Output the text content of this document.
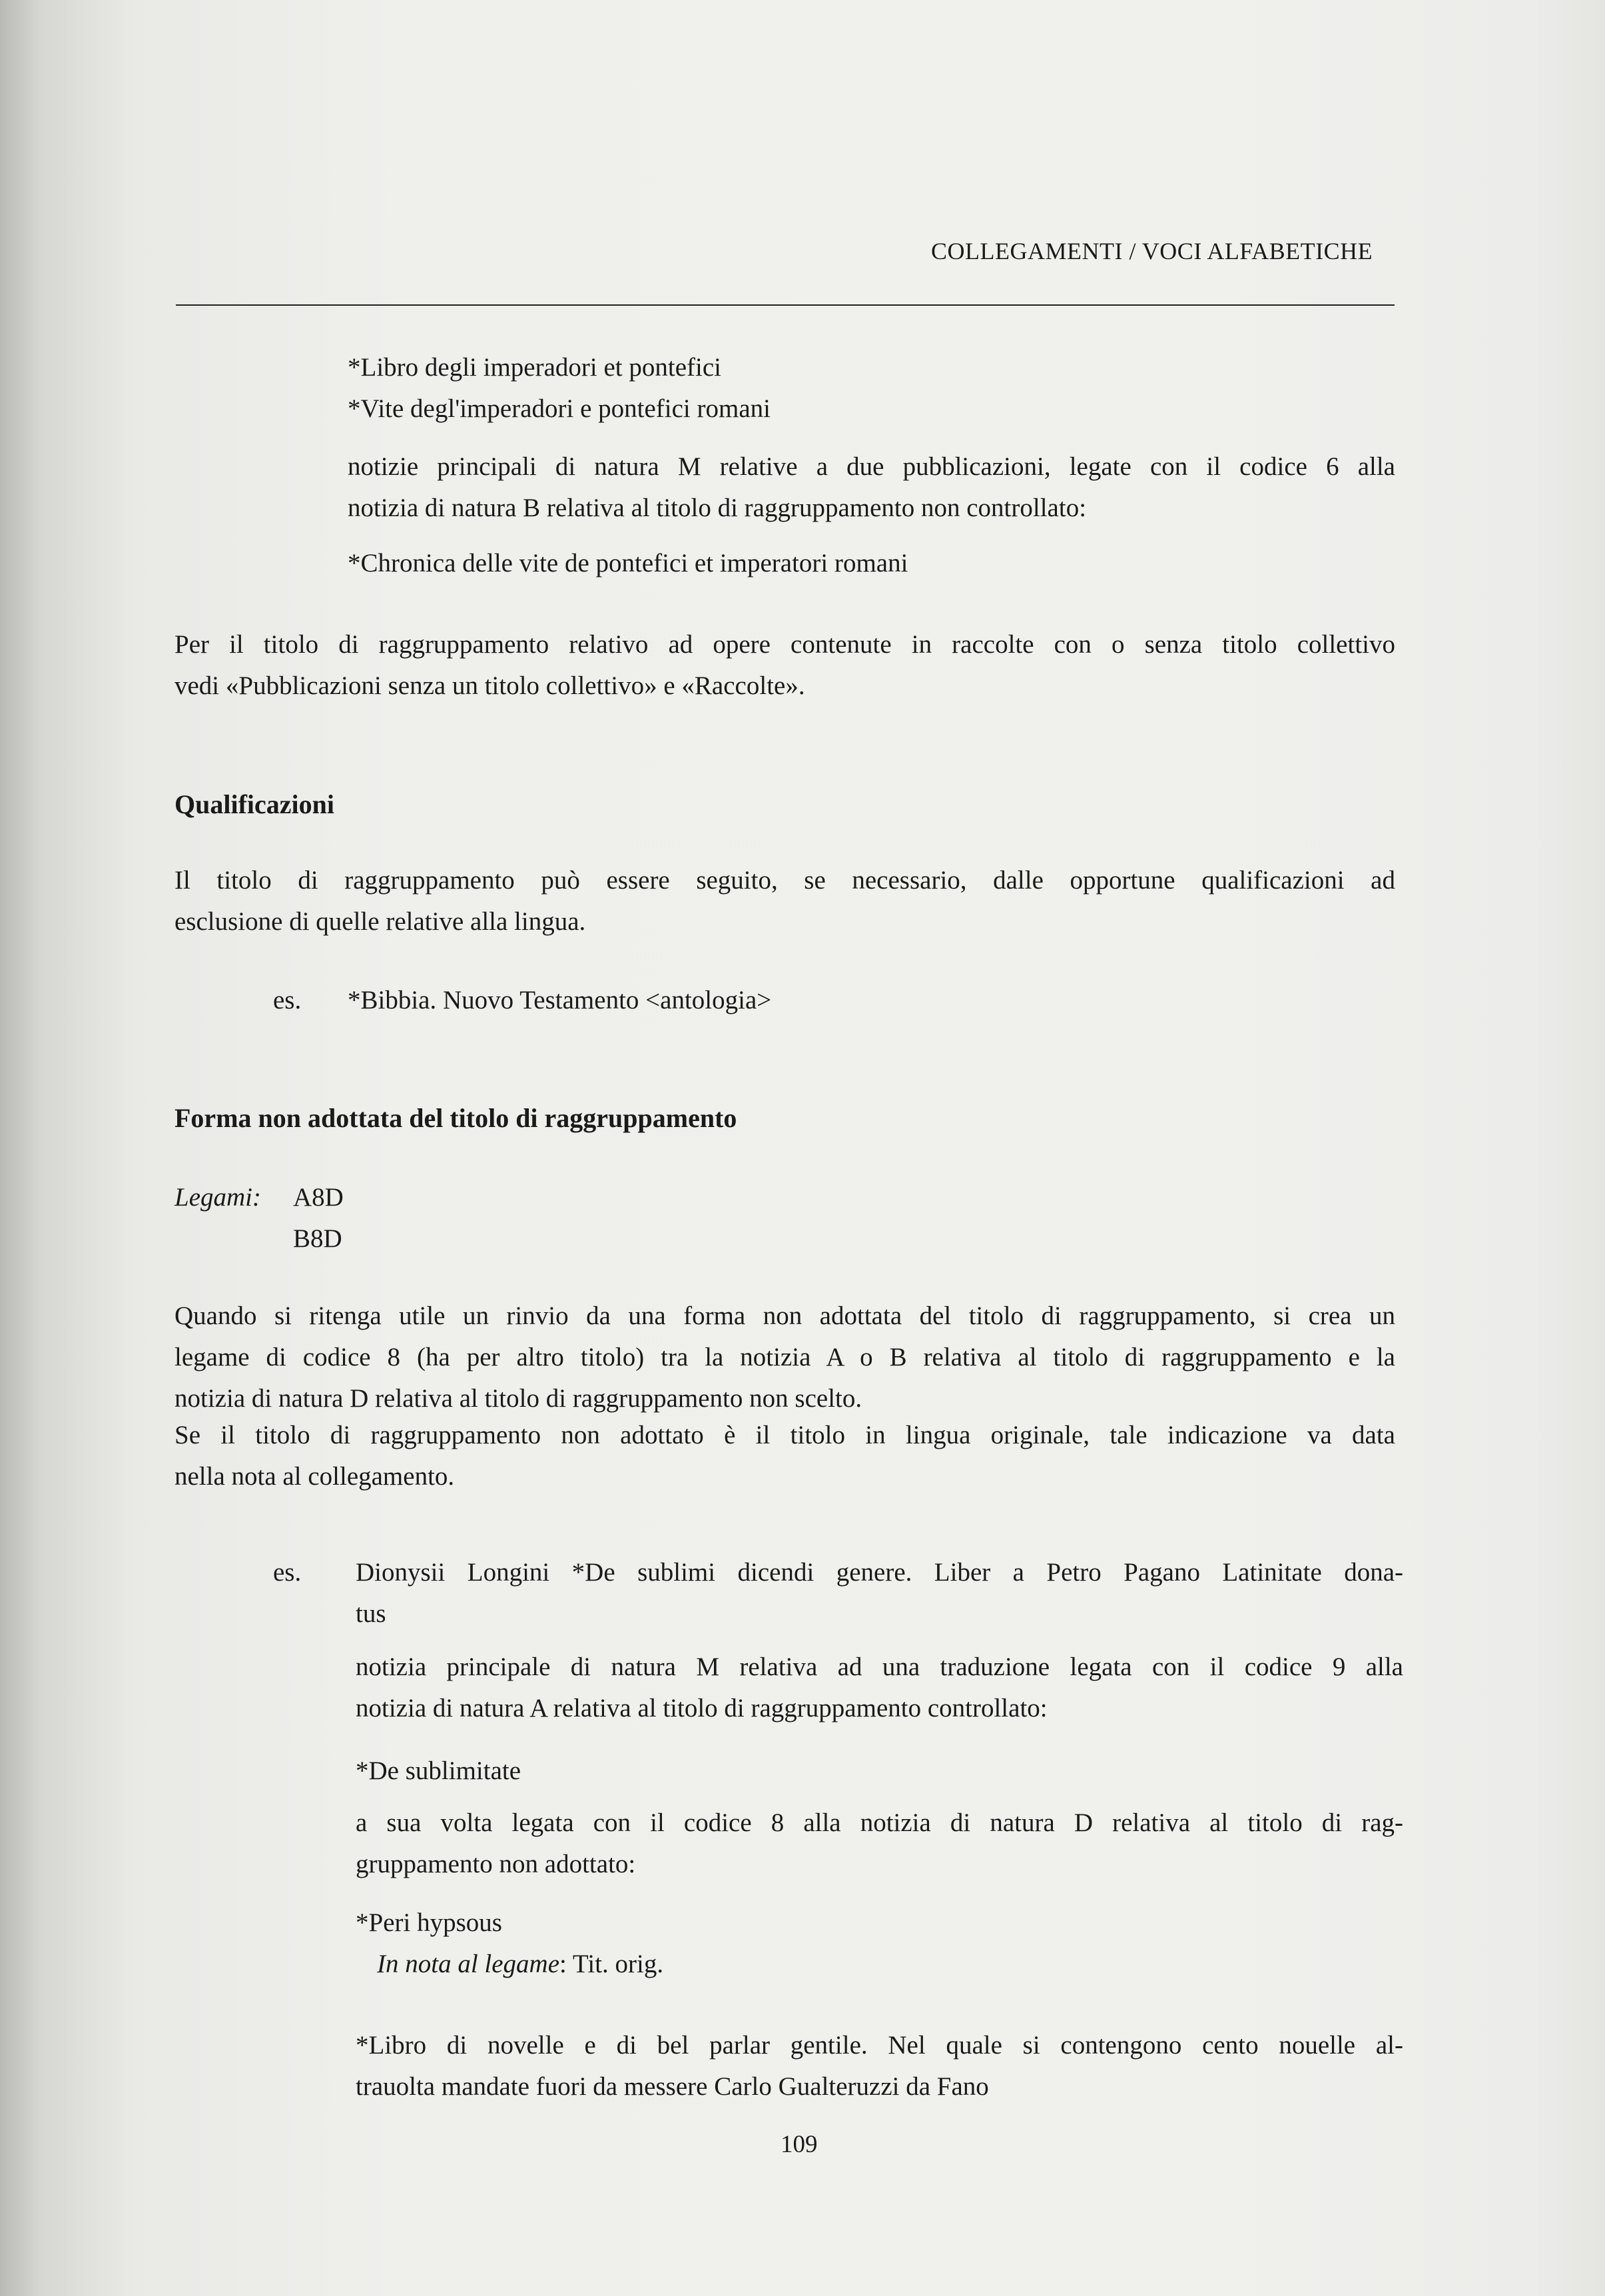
COLLEGAMENTI / VOCI ALFABETICHE
*Libro degli imperadori et pontefici
*Vite degl'imperadori e pontefici romani
notizie principali di natura M relative a due pubblicazioni, legate con il codice 6 alla
notizia di natura B relativa al titolo di raggruppamento non controllato:
*Chronica delle vite de pontefici et imperatori romani
Per il titolo di raggruppamento relativo ad opere contenute in raccolte con o senza titolo collettivo
vedi «Pubblicazioni senza un titolo collettivo» e «Raccolte».
Qualificazioni
Il titolo di raggruppamento può essere seguito, se necessario, dalle opportune qualificazioni ad
esclusione di quelle relative alla lingua.
es. *Bibbia. Nuovo Testamento <antologia>
Forma non adottata del titolo di raggruppamento
Legami: A8D
B8D
Quando si ritenga utile un rinvio da una forma non adottata del titolo di raggruppamento, si crea un
legame di codice 8 (ha per altro titolo) tra la notizia A o B relativa al titolo di raggruppamento e la
notizia di natura D relativa al titolo di raggruppamento non scelto.
Se il titolo di raggruppamento non adottato è il titolo in lingua originale, tale indicazione va data
nella nota al collegamento.
es. Dionysii Longini *De sublimi dicendi genere. Liber a Petro Pagano Latinitate dona-
tus
notizia principale di natura M relativa ad una traduzione legata con il codice 9 alla
notizia di natura A relativa al titolo di raggruppamento controllato:
*De sublimitate
a sua volta legata con il codice 8 alla notizia di natura D relativa al titolo di rag-
gruppamento non adottato:
*Peri hypsous
In nota al legame: Tit. orig.
*Libro di novelle e di bel parlar gentile. Nel quale si contengono cento nouelle al-
trauolta mandate fuori da messere Carlo Gualteruzzi da Fano
109
